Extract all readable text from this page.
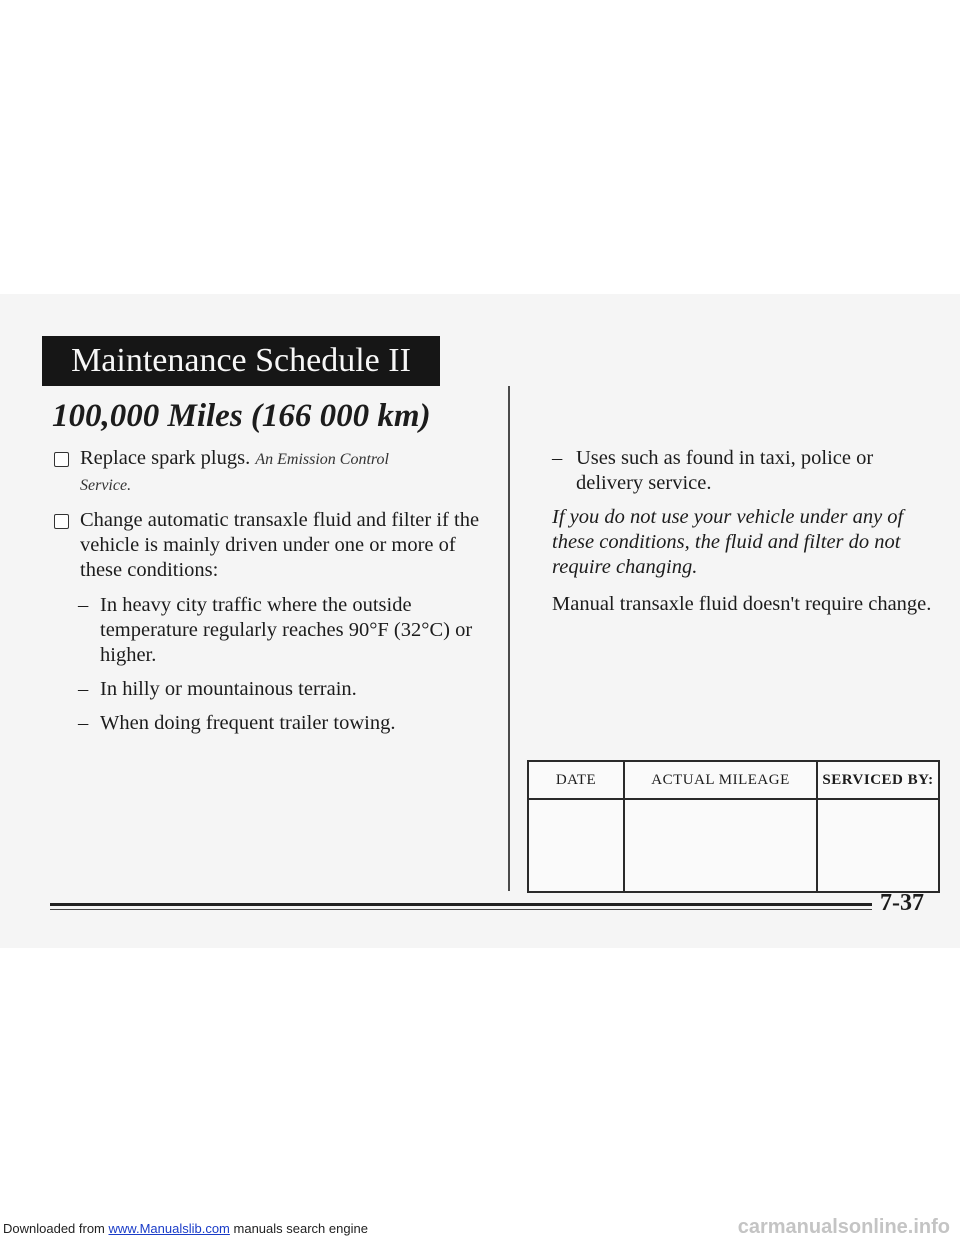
Maintenance Schedule II
100,000 Miles (166 000 km)
Replace spark plugs. An Emission Control
Service.
Change automatic transaxle fluid and filter if the vehicle is mainly driven under one or more of these conditions:
– In heavy city traffic where the outside temperature regularly reaches 90°F (32°C) or higher.
– In hilly or mountainous terrain.
– When doing frequent trailer towing.
– Uses such as found in taxi, police or delivery service.

If you do not use your vehicle under any of these conditions, the fluid and filter do not require changing.

Manual transaxle fluid doesn't require change.

DATE	ACTUAL MILEAGE	SERVICED BY:

7-37
Downloaded from www.Manualslib.com manuals search engine	carmanualsonline.info
